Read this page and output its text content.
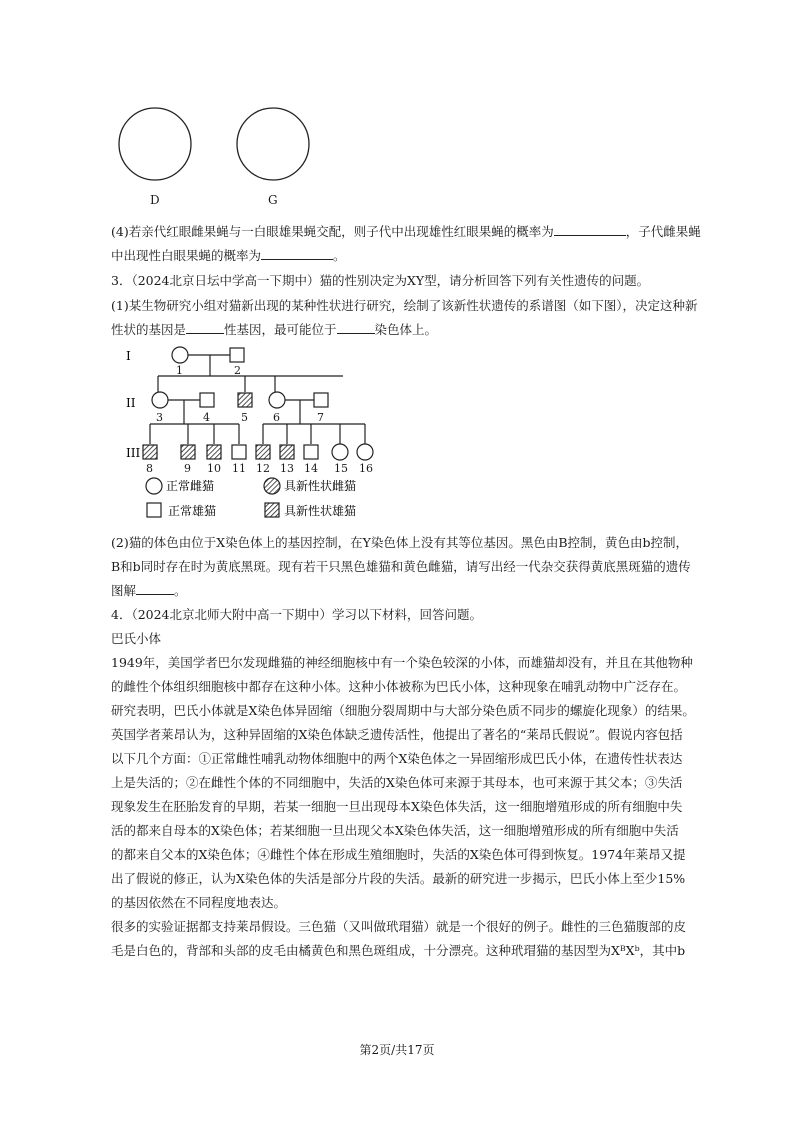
D	G
(4)若亲代红眼雌果蝇与一白眼雄果蝇交配，则子代中出现雄性红眼果蝇的概率为	，子代雌果蝇
中出现性白眼果蝇的概率为	。
3．（2024北京日坛中学高一下期中）猫的性别决定为XY型，请分析回答下列有关性遗传的问题。
(1)某生物研究小组对猫新出现的某种性状进行研究，绘制了该新性状遗传的系谱图（如下图），决定这种新
性状的基因是	性基因，最可能位于	染色体上。
I
II
III
1	2
3	4	5 6	7
8	9 10 11 12 13 14 15 16
正常雌猫	具新性状雌猫
正常雄猫	具新性状雄猫
(2)猫的体色由位于X染色体上的基因控制，在Y染色体上没有其等位基因。黑色由B控制，黄色由b控制，
B和b同时存在时为黄底黑斑。现有若干只黑色雄猫和黄色雌猫，请写出经一代杂交获得黄底黑斑猫的遗传
图解	。
4．（2024北京北师大附中高一下期中）学习以下材料，回答问题。
巴氏小体
1949年，美国学者巴尔发现雌猫的神经细胞核中有一个染色较深的小体，而雄猫却没有，并且在其他物种
的雌性个体组织细胞核中都存在这种小体。这种小体被称为巴氏小体，这种现象在哺乳动物中广泛存在。
研究表明，巴氏小体就是X染色体异固缩（细胞分裂周期中与大部分染色质不同步的螺旋化现象）的结果。
英国学者莱昂认为，这种异固缩的X染色体缺乏遗传活性，他提出了著名的“莱昂氏假说”。假说内容包括
以下几个方面：①正常雌性哺乳动物体细胞中的两个X染色体之一异固缩形成巴氏小体，在遗传性状表达
上是失活的；②在雌性个体的不同细胞中，失活的X染色体可来源于其母本，也可来源于其父本；③失活
现象发生在胚胎发育的早期，若某一细胞一旦出现母本X染色体失活，这一细胞增殖形成的所有细胞中失
活的都来自母本的X染色体；若某细胞一旦出现父本X染色体失活，这一细胞增殖形成的所有细胞中失活
的都来自父本的X染色体；④雌性个体在形成生殖细胞时，失活的X染色体可得到恢复。1974年莱昂又提
出了假说的修正，认为X染色体的失活是部分片段的失活。最新的研究进一步揭示，巴氏小体上至少15%
的基因依然在不同程度地表达。
很多的实验证据都支持莱昂假设。三色猫（又叫做玳瑁猫）就是一个很好的例子。雌性的三色猫腹部的皮
毛是白色的，背部和头部的皮毛由橘黄色和黑色斑组成，十分漂亮。这种玳瑁猫的基因型为XᴮXᵇ，其中b
第2页/共17页
